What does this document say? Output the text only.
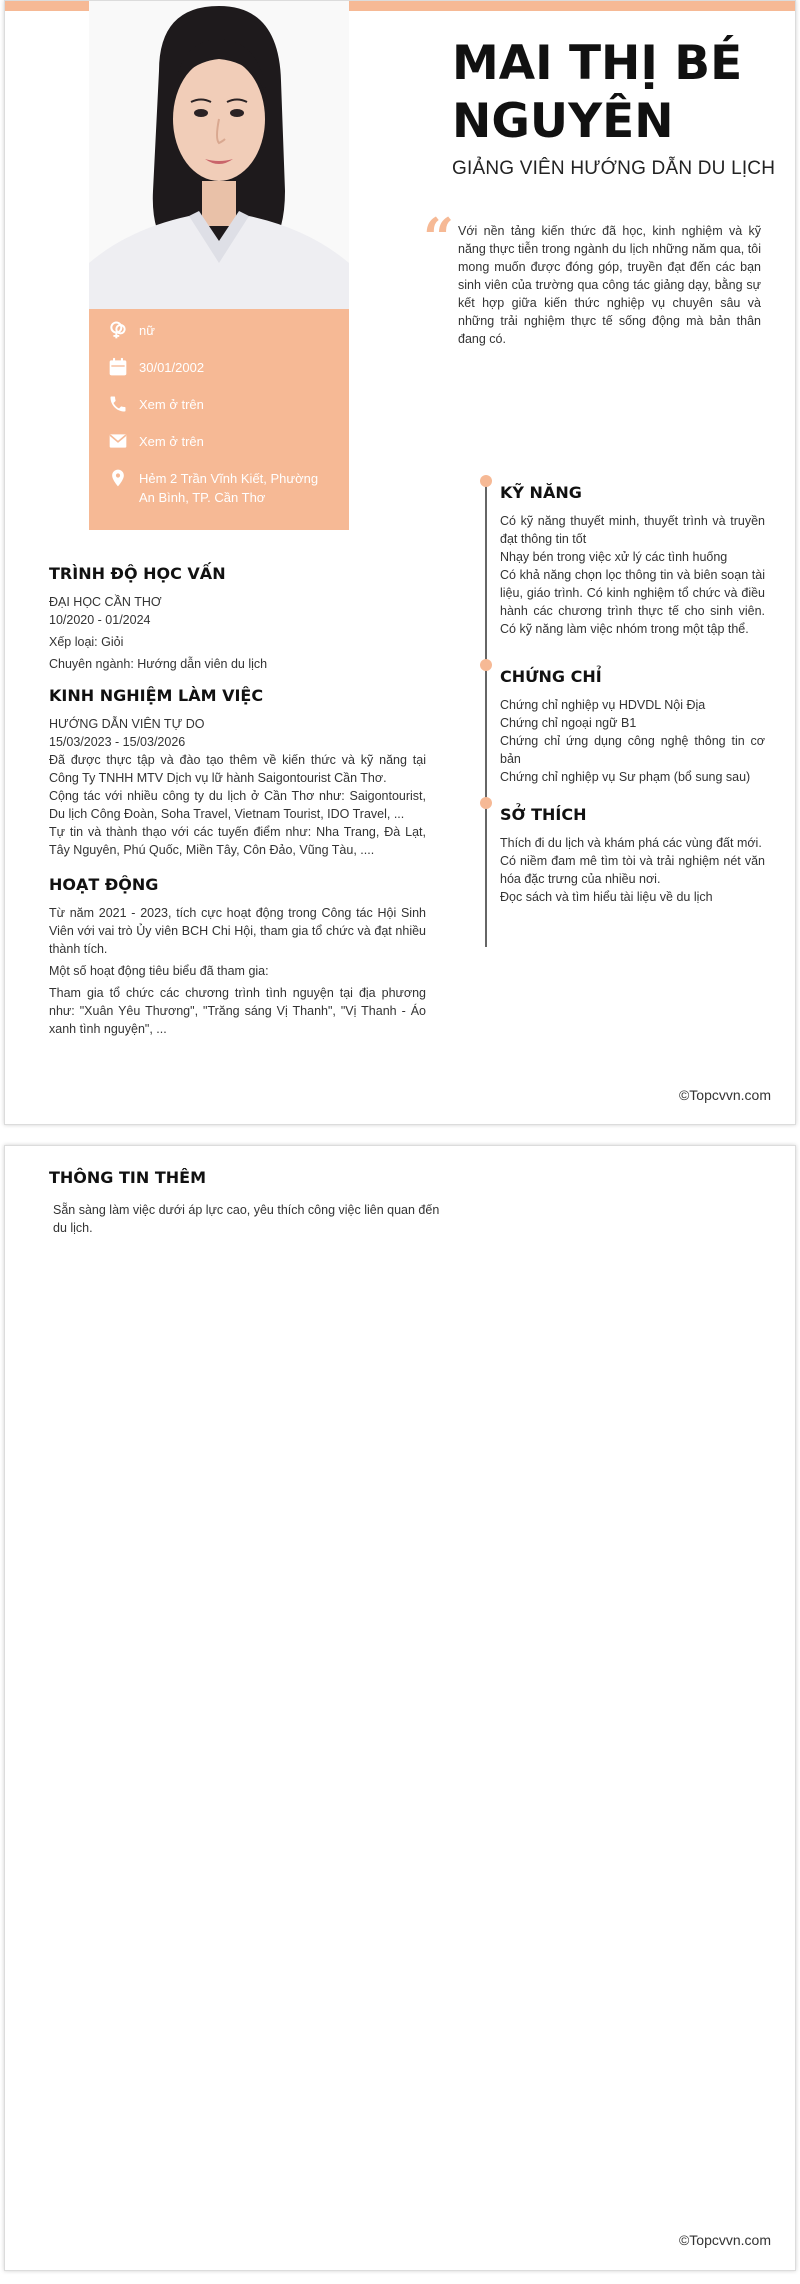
nữ
30/01/2002
Xem ở trên
Xem ở trên
Hẻm 2 Trần Vĩnh Kiết, Phường An Bình, TP. Cần Thơ
MAI THỊ BÉ NGUYÊN
GIẢNG VIÊN HƯỚNG DẪN DU LỊCH
“ Với nền tảng kiến thức đã học, kinh nghiệm và kỹ năng thực tiễn trong ngành du lịch những năm qua, tôi mong muốn được đóng góp, truyền đạt đến các bạn sinh viên của trường qua công tác giảng dạy, bằng sự kết hợp giữa kiến thức nghiệp vụ chuyên sâu và những trải nghiệm thực tế sống động mà bản thân đang có.
KỸ NĂNG

Có kỹ năng thuyết minh, thuyết trình và truyền đạt thông tin tốt

Nhạy bén trong việc xử lý các tình huống

Có khả năng chọn lọc thông tin và biên soạn tài liệu, giáo trình. Có kinh nghiệm tổ chức và điều hành các chương trình thực tế cho sinh viên. Có kỹ năng làm việc nhóm trong một tập thể.

CHỨNG CHỈ

Chứng chỉ nghiệp vụ HDVDL Nội Địa

Chứng chỉ ngoại ngữ B1

Chứng chỉ ứng dụng công nghệ thông tin cơ bản

Chứng chỉ nghiệp vụ Sư phạm (bổ sung sau)

SỞ THÍCH

Thích đi du lịch và khám phá các vùng đất mới.

Có niềm đam mê tìm tòi và trải nghiệm nét văn hóa đặc trưng của nhiều nơi.

Đọc sách và tìm hiểu tài liệu về du lịch

TRÌNH ĐỘ HỌC VẤN

ĐẠI HỌC CẦN THƠ

10/2020 - 01/2024

Xếp loại: Giỏi

Chuyên ngành: Hướng dẫn viên du lịch

KINH NGHIỆM LÀM VIỆC

HƯỚNG DẪN VIÊN TỰ DO

15/03/2023 - 15/03/2026

Đã được thực tập và đào tạo thêm về kiến thức và kỹ năng tại Công Ty TNHH MTV Dịch vụ lữ hành Saigontourist Cần Thơ.

Cộng tác với nhiều công ty du lịch ở Cần Thơ như: Saigontourist, Du lịch Công Đoàn, Soha Travel, Vietnam Tourist, IDO Travel, ...

Tự tin và thành thạo với các tuyến điểm như: Nha Trang, Đà Lạt, Tây Nguyên, Phú Quốc, Miền Tây, Côn Đảo, Vũng Tàu, ....

HOẠT ĐỘNG

Từ năm 2021 - 2023, tích cực hoạt động trong Công tác Hội Sinh Viên với vai trò Ủy viên BCH Chi Hội, tham gia tổ chức và đạt nhiều thành tích.

Một số hoạt động tiêu biểu đã tham gia:

Tham gia tổ chức các chương trình tình nguyện tại địa phương như: "Xuân Yêu Thương", "Trăng sáng Vị Thanh", "Vị Thanh - Áo xanh tình nguyện", ...

©Topcvvn.com
THÔNG TIN THÊM

Sẵn sàng làm việc dưới áp lực cao, yêu thích công việc liên quan đến du lịch.

©Topcvvn.com
